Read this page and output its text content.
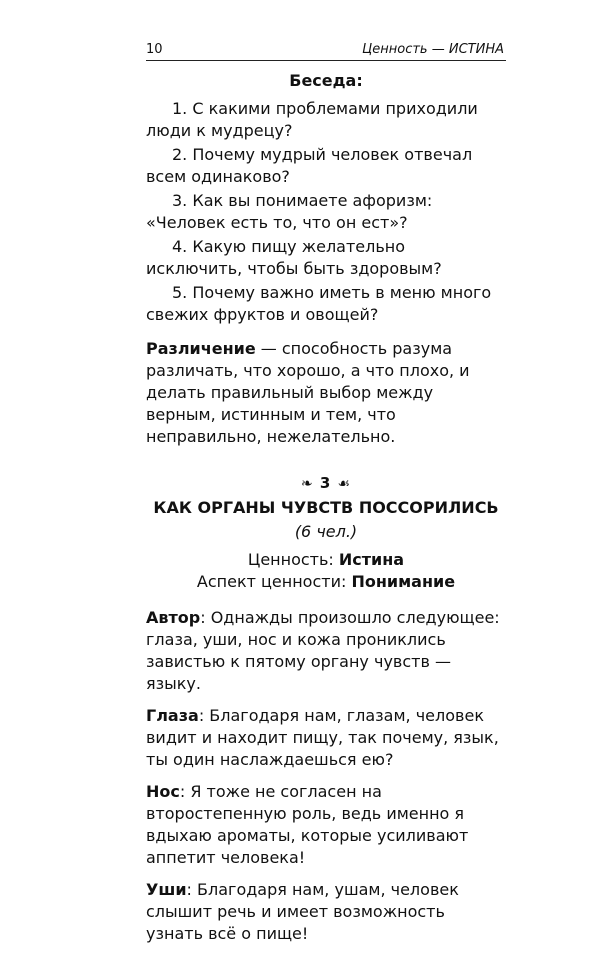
10	Ценность — ИСТИНА
Беседа:

1. С какими проблемами приходили люди к мудрецу?

2. Почему мудрый человек отвечал всем одинаково?

3. Как вы понимаете афоризм: «Человек есть то, что он ест»?

4. Какую пищу желательно исключить, чтобы быть здоровым?

5. Почему важно иметь в меню много свежих фруктов и овощей?

Различение — способность разума различать, что хорошо, а что плохо, и делать правильный выбор между верным, истинным и тем, что неправильно, нежелательно.

❧ 3 ☙
КАК ОРГАНЫ ЧУВСТВ ПОССОРИЛИСЬ
(6 чел.)
Ценность: Истина
Аспект ценности: Понимание

Автор: Однажды произошло следующее: глаза, уши, нос и кожа прониклись завистью к пятому органу чувств — языку.

Глаза: Благодаря нам, глазам, человек видит и находит пищу, так почему, язык, ты один наслаждаешься ею?

Нос: Я тоже не согласен на второстепенную роль, ведь именно я вдыхаю ароматы, которые усиливают аппетит человека!

Уши: Благодаря нам, ушам, человек слышит речь и имеет возможность узнать всё о пище!
